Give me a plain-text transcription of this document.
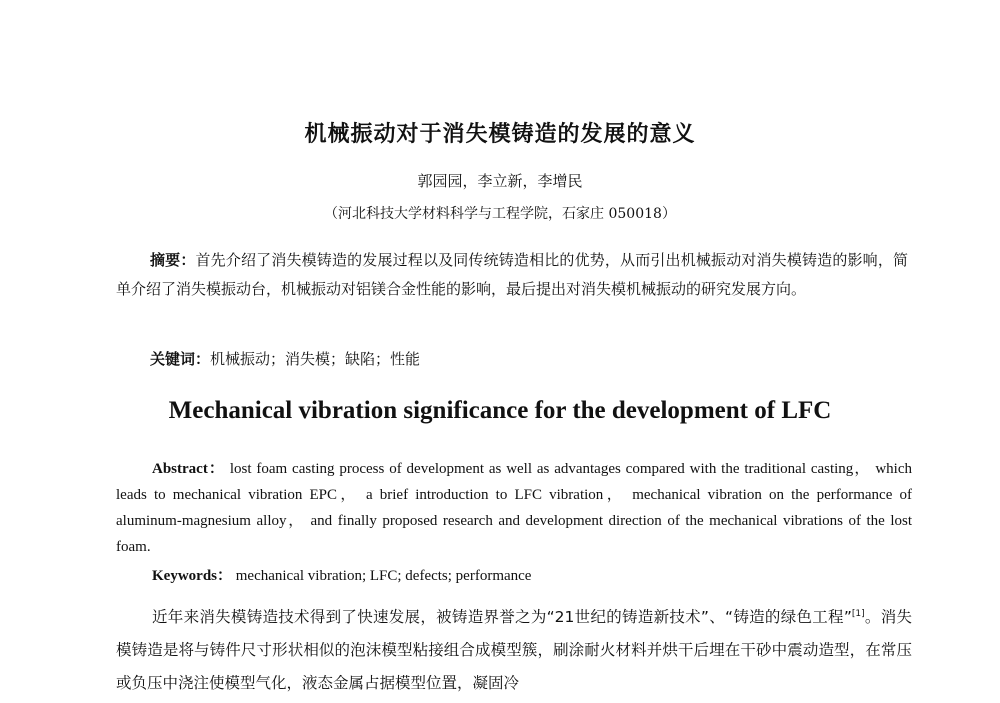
机械振动对于消失模铸造的发展的意义
郭园园，李立新，李增民
（河北科技大学材料科学与工程学院，石家庄 050018）
摘要：首先介绍了消失模铸造的发展过程以及同传统铸造相比的优势，从而引出机械振动对消失模铸造的影响，简单介绍了消失模振动台，机械振动对铝镁合金性能的影响，最后提出对消失模机械振动的研究发展方向。
关键词：机械振动；消失模；缺陷；性能
Mechanical vibration significance for the development of LFC
Abstract： lost foam casting process of development as well as advantages compared with the traditional casting， which leads to mechanical vibration EPC， a brief introduction to LFC vibration， mechanical vibration on the performance of aluminum-magnesium alloy， and finally proposed research and development direction of the mechanical vibrations of the lost foam.
Keywords： mechanical vibration; LFC; defects; performance
近年来消失模铸造技术得到了快速发展，被铸造界誉之为“21世纪的铸造新技术”、“铸造的绿色工程”[1]。消失模铸造是将与铸件尺寸形状相似的泡沫模型粘接组合成模型簇，刷涂耐火材料并烘干后埋在干砂中震动造型，在常压或负压中浇注使模型气化，液态金属占据模型位置，凝固冷
